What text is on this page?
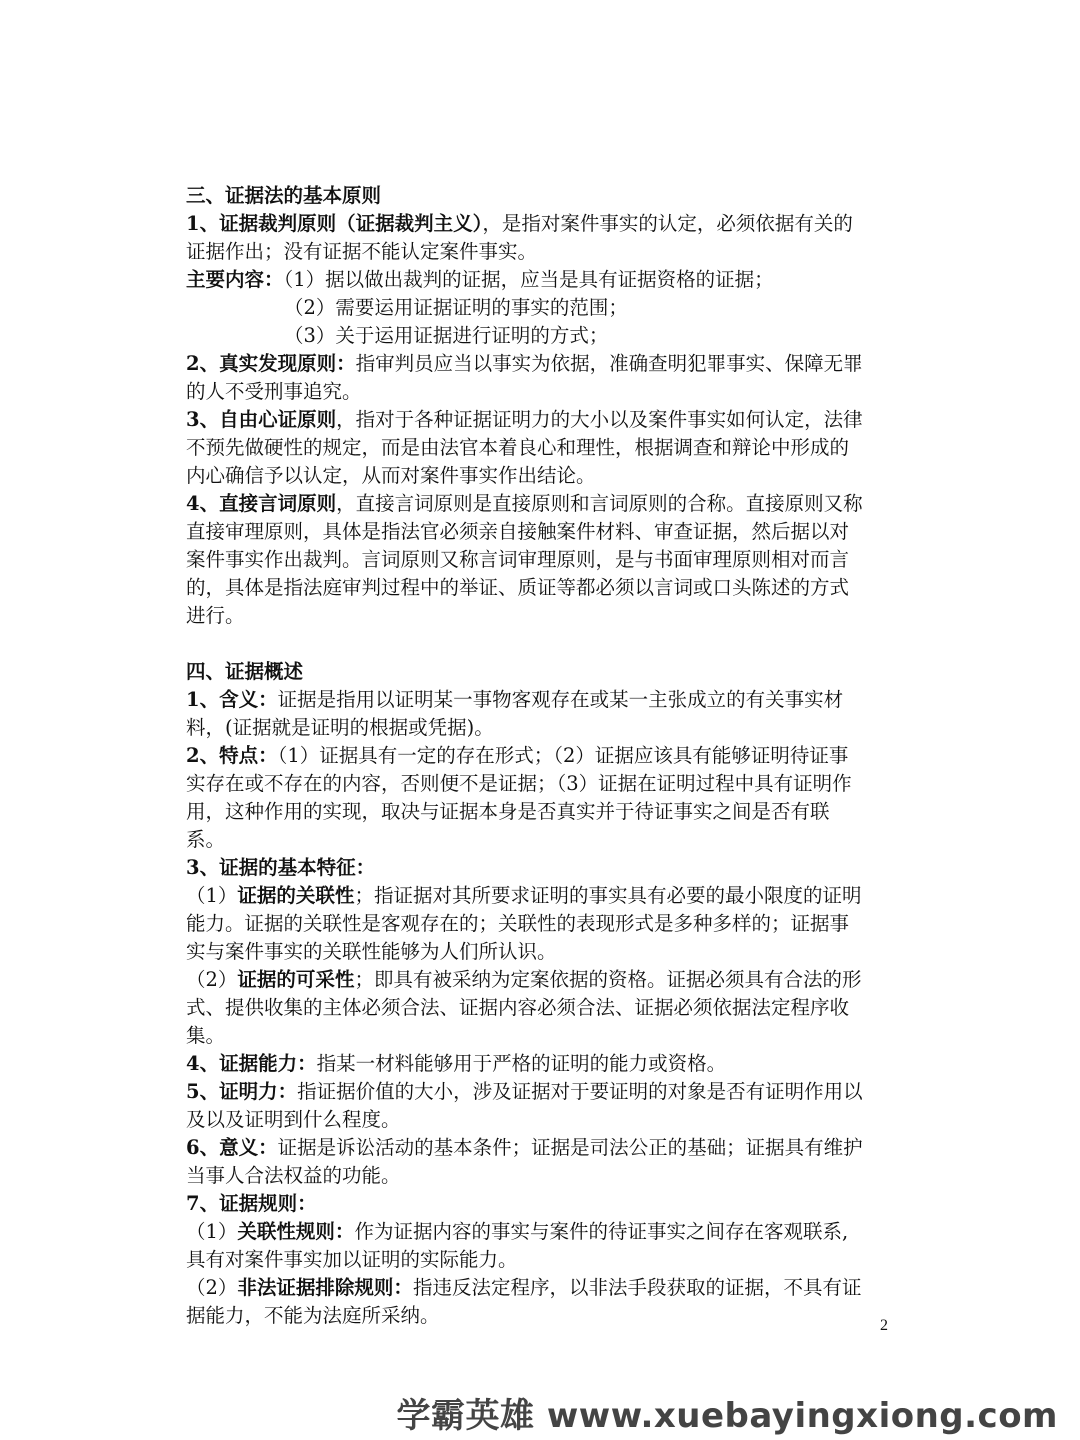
三、证据法的基本原则
1、证据裁判原则（证据裁判主义），是指对案件事实的认定，必须依据有关的
证据作出；没有证据不能认定案件事实。
主要内容：（1）据以做出裁判的证据，应当是具有证据资格的证据；
（2）需要运用证据证明的事实的范围；
（3）关于运用证据进行证明的方式；
2、真实发现原则：指审判员应当以事实为依据，准确查明犯罪事实、保障无罪
的人不受刑事追究。
3、自由心证原则，指对于各种证据证明力的大小以及案件事实如何认定，法律
不预先做硬性的规定，而是由法官本着良心和理性，根据调查和辩论中形成的
内心确信予以认定，从而对案件事实作出结论。
4、直接言词原则，直接言词原则是直接原则和言词原则的合称。直接原则又称
直接审理原则，具体是指法官必须亲自接触案件材料、审查证据，然后据以对
案件事实作出裁判。言词原则又称言词审理原则，是与书面审理原则相对而言
的，具体是指法庭审判过程中的举证、质证等都必须以言词或口头陈述的方式
进行。
四、证据概述
1、含义：证据是指用以证明某一事物客观存在或某一主张成立的有关事实材
料，(证据就是证明的根据或凭据)。
2、特点：（1）证据具有一定的存在形式；（2）证据应该具有能够证明待证事
实存在或不存在的内容，否则便不是证据；（3）证据在证明过程中具有证明作
用，这种作用的实现，取决与证据本身是否真实并于待证事实之间是否有联
系。
3、证据的基本特征：
（1）证据的关联性；指证据对其所要求证明的事实具有必要的最小限度的证明
能力。证据的关联性是客观存在的；关联性的表现形式是多种多样的；证据事
实与案件事实的关联性能够为人们所认识。
（2）证据的可采性；即具有被采纳为定案依据的资格。证据必须具有合法的形
式、提供收集的主体必须合法、证据内容必须合法、证据必须依据法定程序收
集。
4、证据能力：指某一材料能够用于严格的证明的能力或资格。
5、证明力：指证据价值的大小，涉及证据对于要证明的对象是否有证明作用以
及以及证明到什么程度。
6、意义：证据是诉讼活动的基本条件；证据是司法公正的基础；证据具有维护
当事人合法权益的功能。
7、证据规则：
（1）关联性规则：作为证据内容的事实与案件的待证事实之间存在客观联系,
具有对案件事实加以证明的实际能力。
（2）非法证据排除规则：指违反法定程序，以非法手段获取的证据，不具有证
据能力，不能为法庭所采纳。	2
学霸英雄 www.xuebayingxiong.com
